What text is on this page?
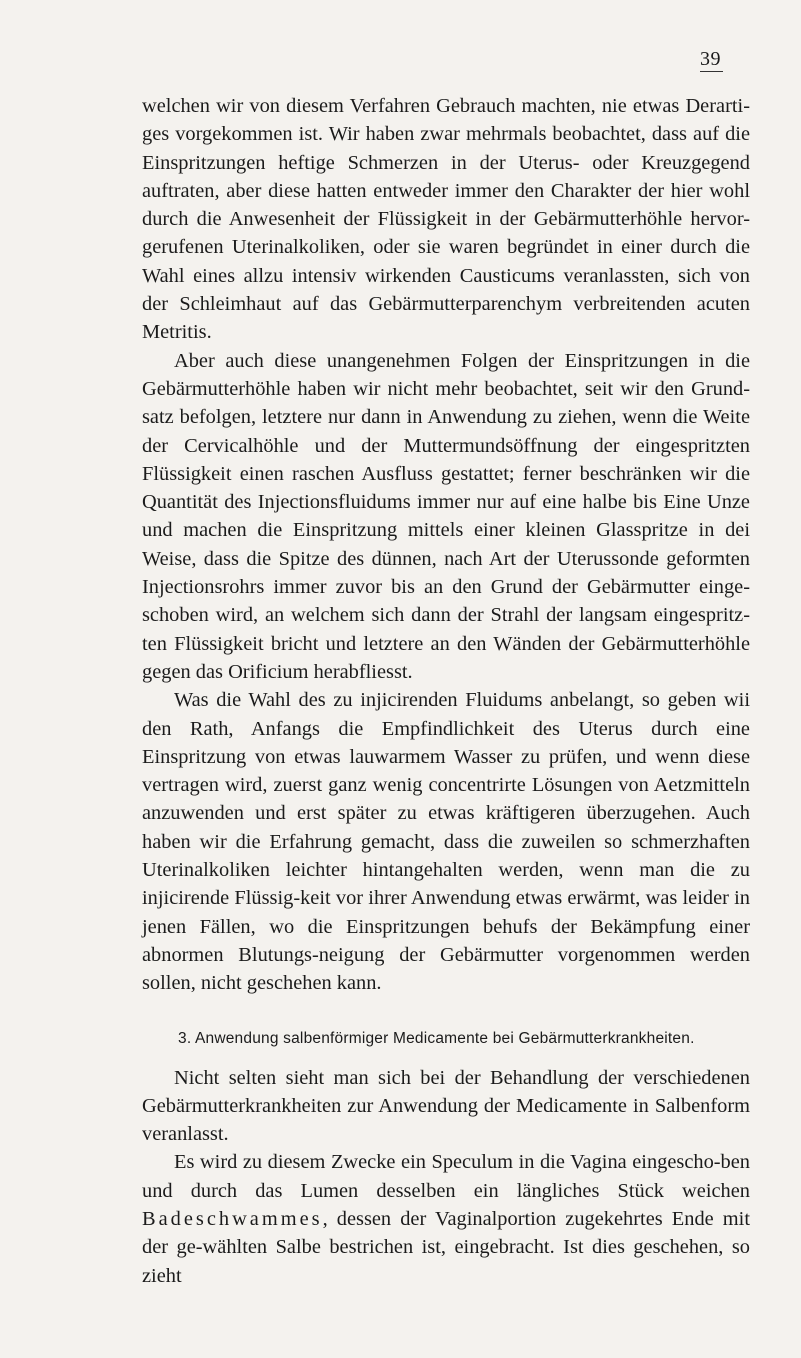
39

welchen wir von diesem Verfahren Gebrauch machten, nie etwas Derarti-ges vorgekommen ist. Wir haben zwar mehrmals beobachtet, dass auf die Einspritzungen heftige Schmerzen in der Uterus- oder Kreuzgegend auftraten, aber diese hatten entweder immer den Charakter der hier wohl durch die Anwesenheit der Flüssigkeit in der Gebärmutterhöhle hervor-gerufenen Uterinalkoliken, oder sie waren begründet in einer durch die Wahl eines allzu intensiv wirkenden Causticums veranlassten, sich von der Schleimhaut auf das Gebärmutterparenchym verbreitenden acuten Metritis.

Aber auch diese unangenehmen Folgen der Einspritzungen in die Gebärmutterhöhle haben wir nicht mehr beobachtet, seit wir den Grund-satz befolgen, letztere nur dann in Anwendung zu ziehen, wenn die Weite der Cervicalhöhle und der Muttermundsöffnung der eingespritzten Flüssigkeit einen raschen Ausfluss gestattet; ferner beschränken wir die Quantität des Injectionsfluidums immer nur auf eine halbe bis Eine Unze und machen die Einspritzung mittels einer kleinen Glasspritze in dei Weise, dass die Spitze des dünnen, nach Art der Uterussonde geformten Injectionsrohrs immer zuvor bis an den Grund der Gebärmutter einge-schoben wird, an welchem sich dann der Strahl der langsam eingespritz-ten Flüssigkeit bricht und letztere an den Wänden der Gebärmutterhöhle gegen das Orificium herabfliesst.

Was die Wahl des zu injicirenden Fluidums anbelangt, so geben wii den Rath, Anfangs die Empfindlichkeit des Uterus durch eine Einspritzung von etwas lauwarmem Wasser zu prüfen, und wenn diese vertragen wird, zuerst ganz wenig concentrirte Lösungen von Aetzmitteln anzuwenden und erst später zu etwas kräftigeren überzugehen. Auch haben wir die Erfahrung gemacht, dass die zuweilen so schmerzhaften Uterinalkoliken leichter hintangehalten werden, wenn man die zu injicirende Flüssig-keit vor ihrer Anwendung etwas erwärmt, was leider in jenen Fällen, wo die Einspritzungen behufs der Bekämpfung einer abnormen Blutungs-neigung der Gebärmutter vorgenommen werden sollen, nicht geschehen kann.

3. Anwendung salbenförmiger Medicamente bei Gebärmutterkrankheiten.

Nicht selten sieht man sich bei der Behandlung der verschiedenen Gebärmutterkrankheiten zur Anwendung der Medicamente in Salbenform veranlasst.

Es wird zu diesem Zwecke ein Speculum in die Vagina eingescho-ben und durch das Lumen desselben ein längliches Stück weichen Badeschwammes, dessen der Vaginalportion zugekehrtes Ende mit der ge-wählten Salbe bestrichen ist, eingebracht. Ist dies geschehen, so zieht
